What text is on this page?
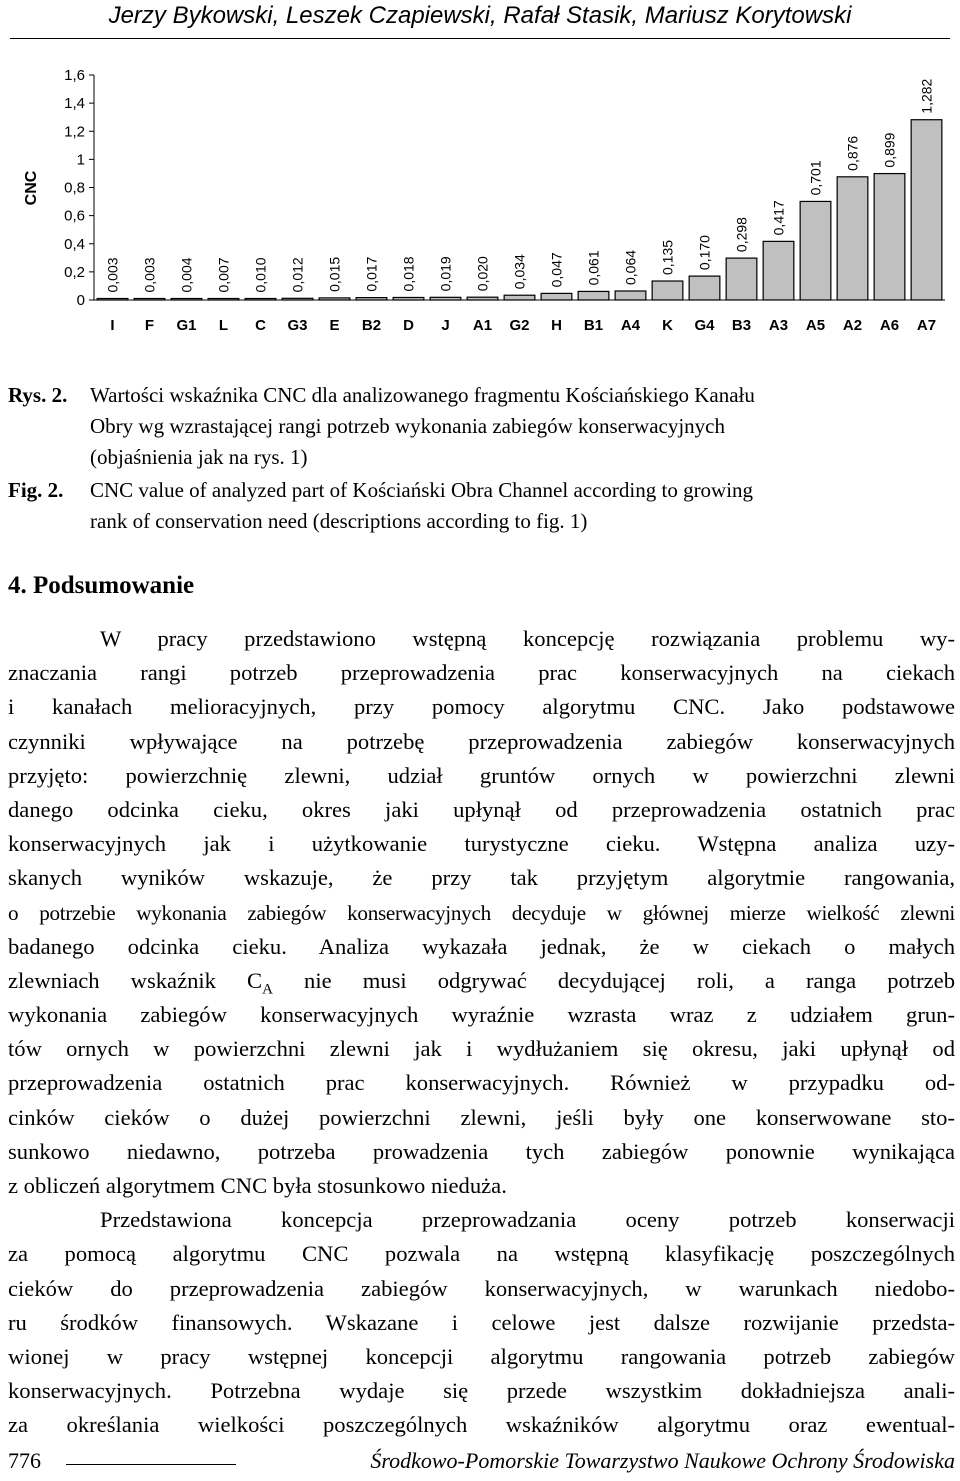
Jerzy Bykowski, Leszek Czapiewski, Rafał Stasik, Mariusz Korytowski
CNC
0
0,2
0,4
0,6
0,8
1
1,2
1,4
1,6
0,003 0,003 0,004 0,007 0,010 0,012 0,015 0,017 0,018 0,019 0,020 0,034 0,047 0,061 0,064 0,135 0,170
0,298 0,417
0,701
0,876 0,899
1,282
I F G1 L C G3 E B2 D J A1 G2 H B1 A4 K G4 B3 A3 A5 A2 A6 A7
Rys. 2.	Wartości wskaźnika CNC dla analizowanego fragmentu Kościańskiego Kanału
Obry wg wzrastającej rangi potrzeb wykonania zabiegów konserwacyjnych
(objaśnienia jak na rys. 1)
Fig. 2.	CNC value of analyzed part of Kościański Obra Channel according to growing
rank of conservation need (descriptions according to fig. 1)
4. Podsumowanie
W pracy przedstawiono wstępną koncepcję rozwiązania problemu wy-
znaczania rangi potrzeb przeprowadzenia prac konserwacyjnych na ciekach
i kanałach melioracyjnych, przy pomocy algorytmu CNC. Jako podstawowe
czynniki wpływające na potrzebę przeprowadzenia zabiegów konserwacyjnych
przyjęto: powierzchnię zlewni, udział gruntów ornych w powierzchni zlewni
danego odcinka cieku, okres jaki upłynął od przeprowadzenia ostatnich prac
konserwacyjnych jak i użytkowanie turystyczne cieku. Wstępna analiza uzy-
skanych wyników wskazuje, że przy tak przyjętym algorytmie rangowania,
o potrzebie wykonania zabiegów konserwacyjnych decyduje w głównej mierze wielkość zlewni
badanego odcinka cieku. Analiza wykazała jednak, że w ciekach o małych
zlewniach wskaźnik $C_A$ nie musi odgrywać decydującej roli, a ranga potrzeb
wykonania zabiegów konserwacyjnych wyraźnie wzrasta wraz z udziałem grun-
tów ornych w powierzchni zlewni jak i wydłużaniem się okresu, jaki upłynął od
przeprowadzenia ostatnich prac konserwacyjnych. Również w przypadku od-
cinków cieków o dużej powierzchni zlewni, jeśli były one konserwowane sto-
sunkowo niedawno, potrzeba prowadzenia tych zabiegów ponownie wynikająca
z obliczeń algorytmem CNC była stosunkowo nieduża.
Przedstawiona koncepcja przeprowadzania oceny potrzeb konserwacji
za pomocą algorytmu CNC pozwala na wstępną klasyfikację poszczególnych
cieków do przeprowadzenia zabiegów konserwacyjnych, w warunkach niedobo-
ru środków finansowych. Wskazane i celowe jest dalsze rozwijanie przedsta-
wionej w pracy wstępnej koncepcji algorytmu rangowania potrzeb zabiegów
konserwacyjnych. Potrzebna wydaje się przede wszystkim dokładniejsza anali-
za określania wielkości poszczególnych wskaźników algorytmu oraz ewentual-
776	Środkowo-Pomorskie Towarzystwo Naukowe Ochrony Środowiska
